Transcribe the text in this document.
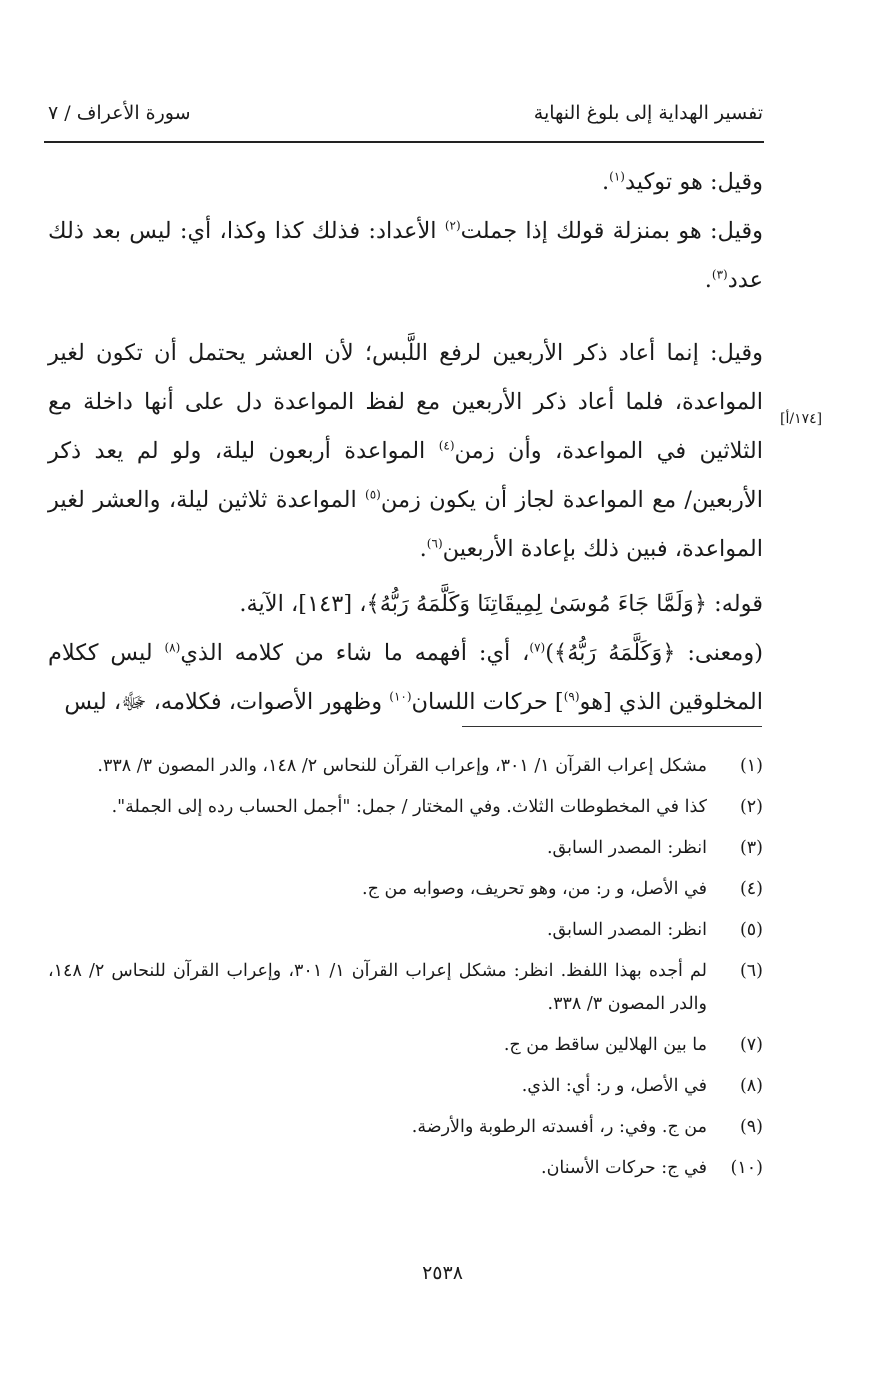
تفسير الهداية إلى بلوغ النهاية
سورة الأعراف / ٧

وقيل: هو توكيد$^{(١)}$.

وقيل: هو بمنزلة قولك إذا جملت$^{(٢)}$ الأعداد: فذلك كذا وكذا، أي: ليس بعد ذلك عدد$^{(٣)}$.

وقيل: إنما أعاد ذكر الأربعين لرفع اللَّبس؛ لأن العشر يحتمل أن تكون لغير المواعدة، فلما أعاد ذكر الأربعين مع لفظ المواعدة دل على أنها داخلة مع الثلاثين في المواعدة، وأن زمن$^{(٤)}$ المواعدة أربعون ليلة، ولو لم يعد ذكر الأربعين/ مع المواعدة لجاز أن يكون زمن$^{(٥)}$ المواعدة ثلاثين ليلة، والعشر لغير المواعدة، فبين ذلك بإعادة الأربعين$^{(٦)}$.

قوله: ﴿وَلَمَّا جَاءَ مُوسَىٰ لِمِيقَاتِنَا وَكَلَّمَهُ رَبُّهُ﴾، [١٤٣]، الآية.

(ومعنى: ﴿وَكَلَّمَهُ رَبُّهُ﴾)$^{(٧)}$، أي: أفهمه ما شاء من كلامه الذي$^{(٨)}$ ليس ككلام المخلوقين الذي [هو$^{(٩)}$] حركات اللسان$^{(١٠)}$ وظهور الأصوات، فكلامه، ﷻ، ليس

[١٧٤/أ]
(١)
مشكل إعراب القرآن ١/ ٣٠١، وإعراب القرآن للنحاس ٢/ ١٤٨، والدر المصون ٣/ ٣٣٨.
(٢)
كذا في المخطوطات الثلاث. وفي المختار / جمل: "أجمل الحساب رده إلى الجملة".
(٣)
انظر: المصدر السابق.
(٤)
في الأصل، و ر: من، وهو تحريف، وصوابه من ج.
(٥)
انظر: المصدر السابق.
(٦)
لم أجده بهذا اللفظ. انظر: مشكل إعراب القرآن ١/ ٣٠١، وإعراب القرآن للنحاس ٢/ ١٤٨، والدر المصون ٣/ ٣٣٨.
(٧)
ما بين الهلالين ساقط من ج.
(٨)
في الأصل، و ر: أي: الذي.
(٩)
من ج. وفي: ر، أفسدته الرطوبة والأرضة.
(١٠)
في ج: حركات الأسنان.
٢٥٣٨
